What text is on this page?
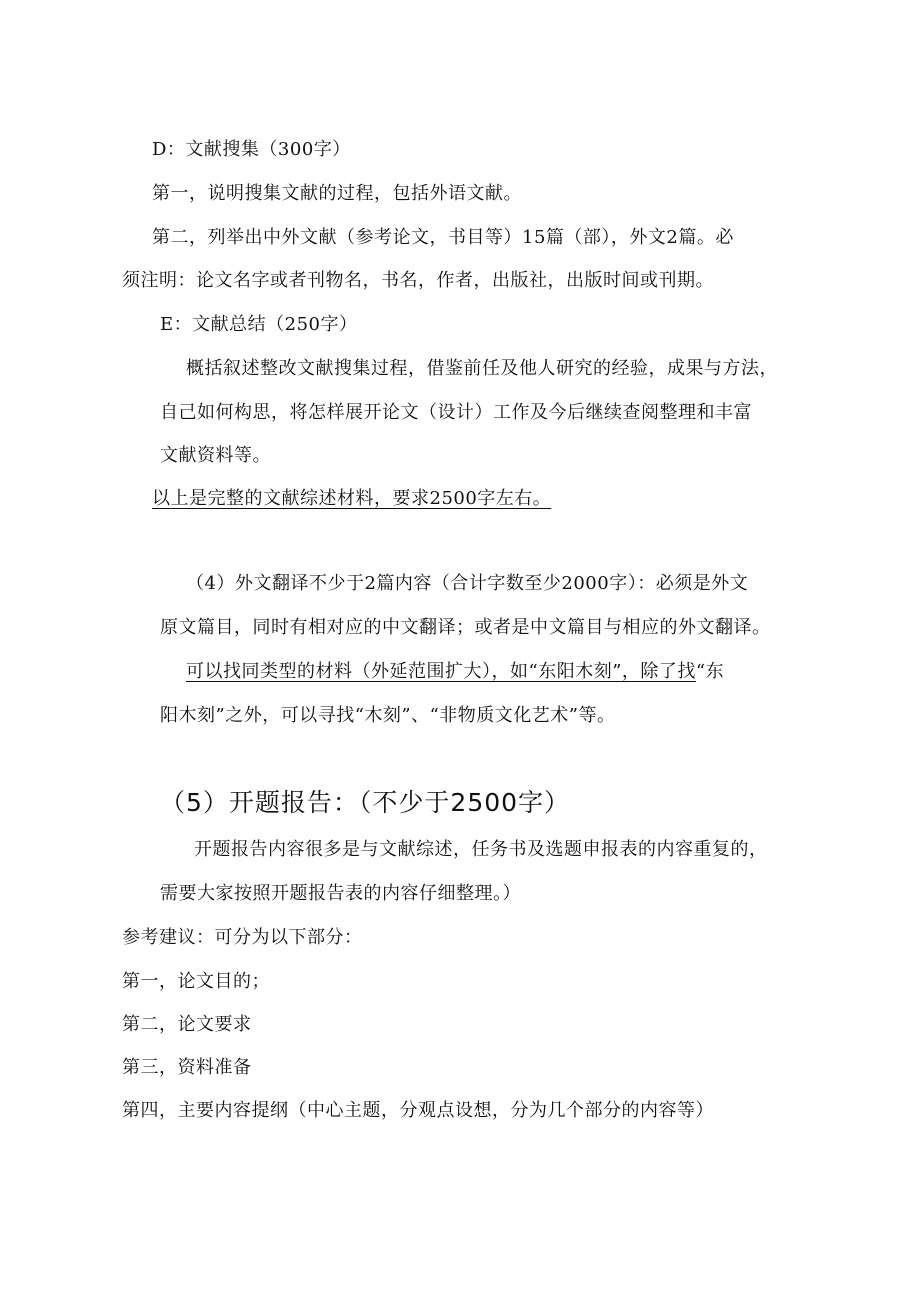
D：文献搜集（300字）
第一，说明搜集文献的过程，包括外语文献。
第二，列举出中外文献（参考论文，书目等）15篇（部），外文2篇。必
须注明：论文名字或者刊物名，书名，作者，出版社，出版时间或刊期。
E：文献总结（250字）
概括叙述整改文献搜集过程，借鉴前任及他人研究的经验，成果与方法，
自己如何构思，将怎样展开论文（设计）工作及今后继续查阅整理和丰富
文献资料等。
以上是完整的文献综述材料，要求2500字左右。
（4）外文翻译不少于2篇内容（合计字数至少2000字）：必须是外文
原文篇目，同时有相对应的中文翻译；或者是中文篇目与相应的外文翻译。
可以找同类型的材料（外延范围扩大），如“东阳木刻”，除了找“东
阳木刻”之外，可以寻找“木刻”、“非物质文化艺术”等。
（5）开题报告：（不少于2500字）
开题报告内容很多是与文献综述，任务书及选题申报表的内容重复的，
需要大家按照开题报告表的内容仔细整理。）
参考建议：可分为以下部分：
第一，论文目的；
第二，论文要求
第三，资料准备
第四，主要内容提纲（中心主题，分观点设想，分为几个部分的内容等）
